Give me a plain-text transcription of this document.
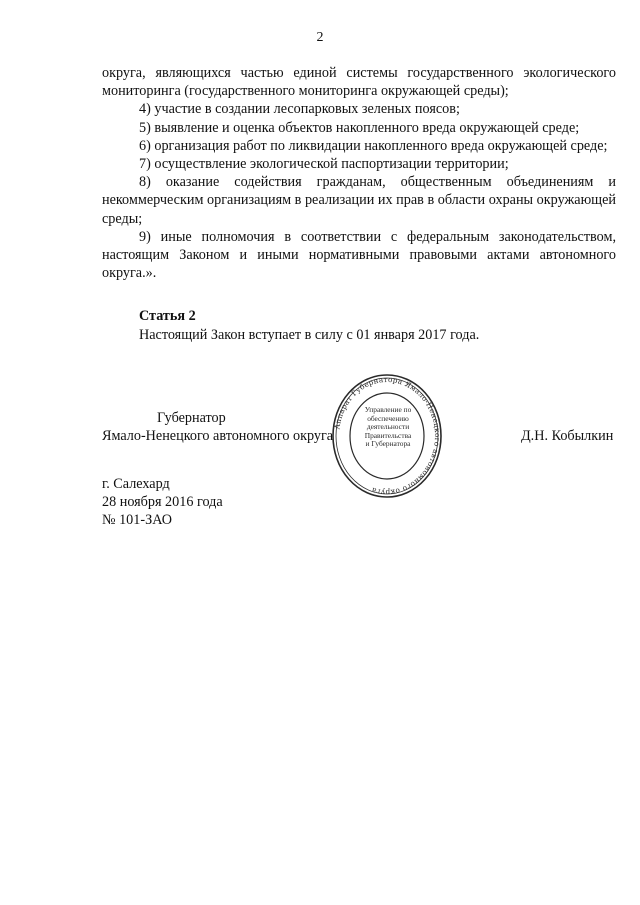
2

округа, являющихся частью единой системы государственного экологического мониторинга (государственного мониторинга окружающей среды);

4) участие в создании лесопарковых зеленых поясов;

5) выявление и оценка объектов накопленного вреда окружающей среде;

6) организация работ по ликвидации накопленного вреда окружающей среде;

7) осуществление экологической паспортизации территории;

8) оказание содействия гражданам, общественным объединениям и некоммерческим организациям в реализации их прав в области охраны окружающей среды;

9) иные полномочия в соответствии с федеральным законодательством, настоящим Законом и иными нормативными правовыми актами автономного округа.».

Статья 2
Настоящий Закон вступает в силу с 01 января 2017 года.
Губернатор
Ямало-Ненецкого автономного округа	Д.Н. Кобылкин
Аппарат Губернатора Ямало-Ненецкого автономного округа
Управление по
обеспечению
деятельности
Правительства
и Губернатора
г. Салехард
28 ноября 2016 года
№ 101-ЗАО
